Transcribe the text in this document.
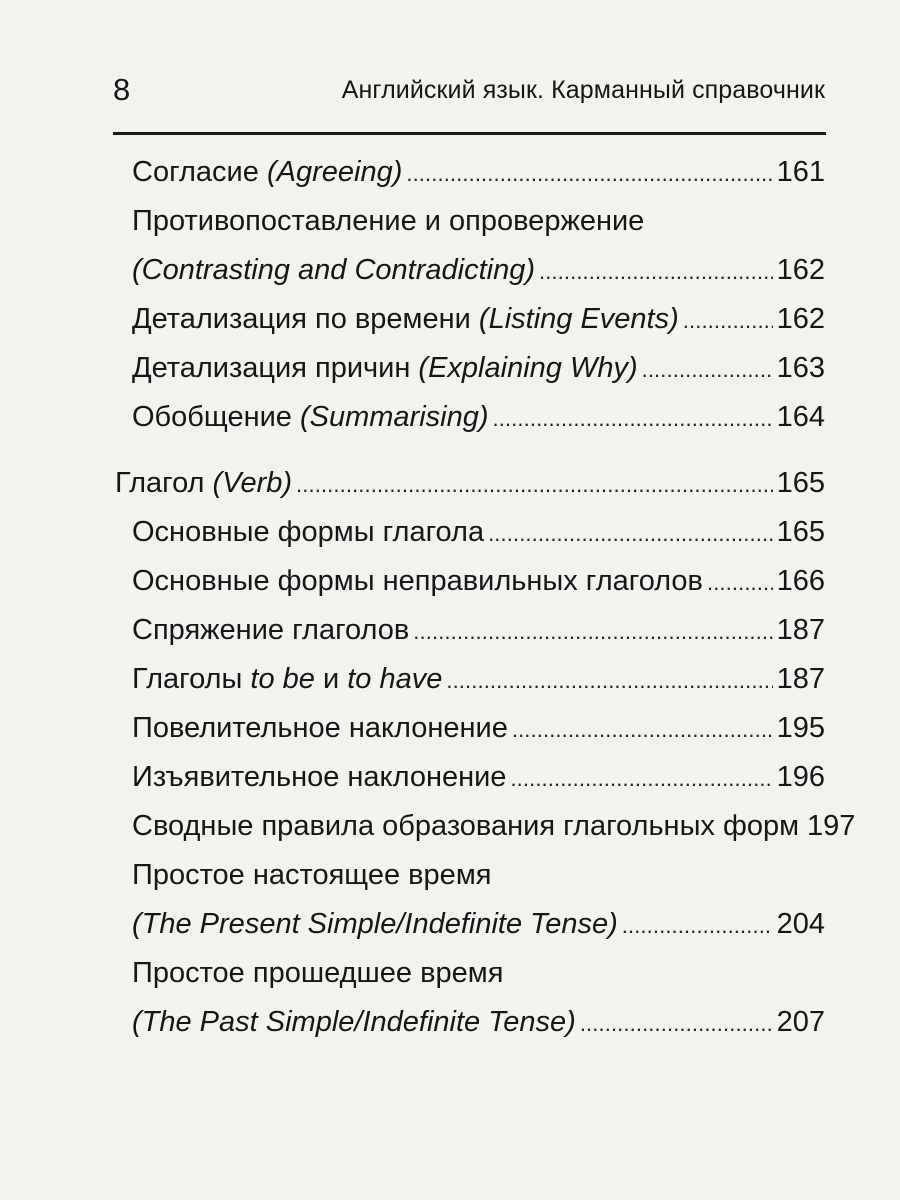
8	Английский язык. Карманный справочник
Согласие (Agreeing) . . .	161
Противопоставление и опровержение
(Contrasting and Contradicting) . . .	162
Детализация по времени (Listing Events) . . .	162
Детализация причин (Explaining Why) . . .	163
Обобщение (Summarising) . . .	164
Глагол (Verb) . . .	165
Основные формы глагола . . .	165
Основные формы неправильных глаголов . . .	166
Спряжение глаголов . . .	187
Глаголы to be и to have . . .	187
Повелительное наклонение . . .	195
Изъявительное наклонение . . .	196
Сводные правила образования глагольных форм 197
Простое настоящее время
(The Present Simple/Indefinite Tense) . . .	204
Простое прошедшее время
(The Past Simple/Indefinite Tense) . . .	207
